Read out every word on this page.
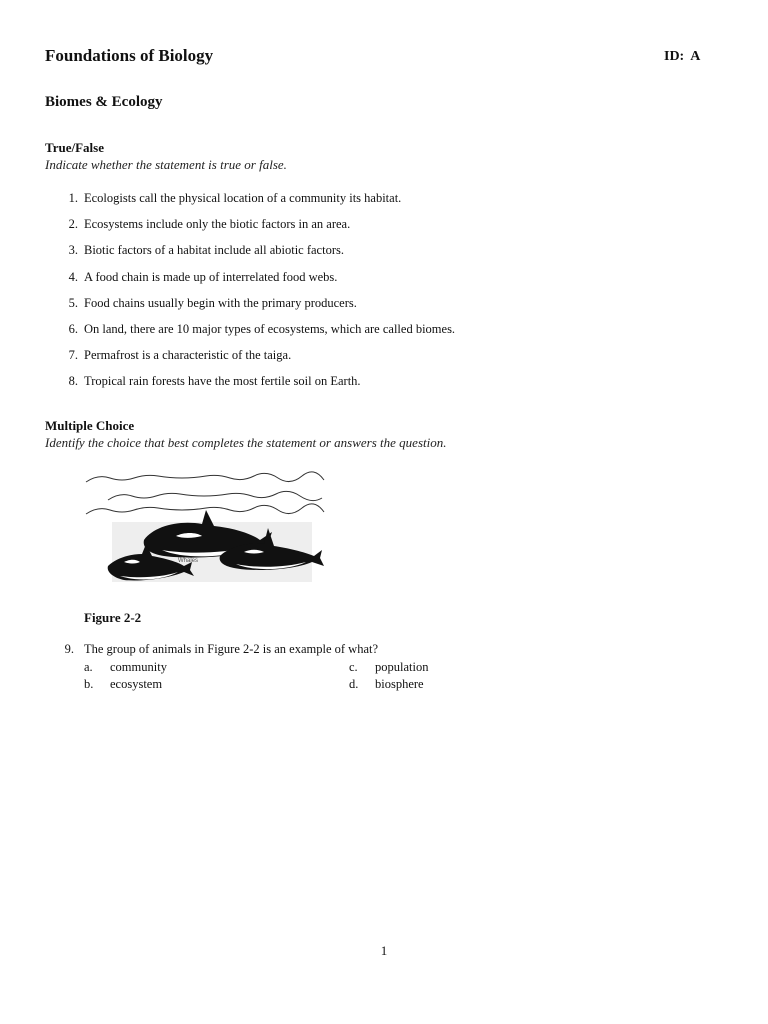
Foundations of Biology	ID: A
Biomes & Ecology
True/False
Indicate whether the statement is true or false.
1. Ecologists call the physical location of a community its habitat.
2. Ecosystems include only the biotic factors in an area.
3. Biotic factors of a habitat include all abiotic factors.
4. A food chain is made up of interrelated food webs.
5. Food chains usually begin with the primary producers.
6. On land, there are 10 major types of ecosystems, which are called biomes.
7. Permafrost is a characteristic of the taiga.
8. Tropical rain forests have the most fertile soil on Earth.
Multiple Choice
Identify the choice that best completes the statement or answers the question.
Whales
Figure 2-2
9. The group of animals in Figure 2-2 is an example of what?
a. community
b. ecosystem
c. population
d. biosphere
1
